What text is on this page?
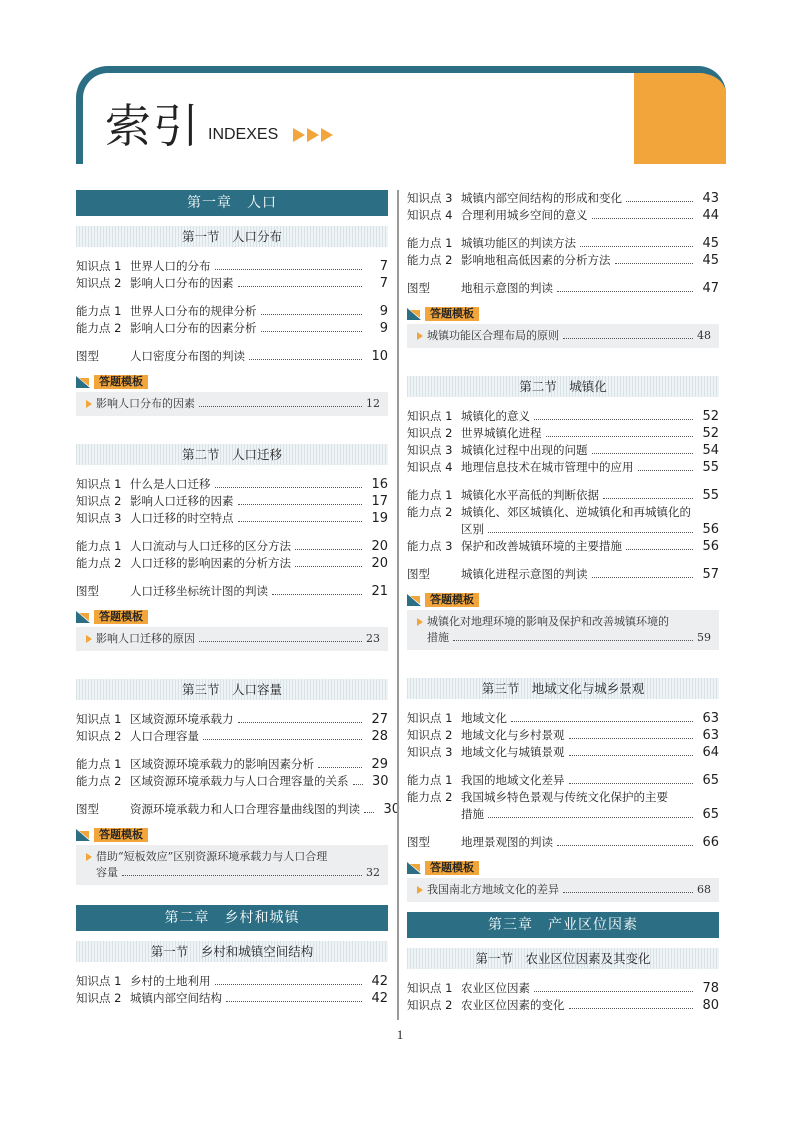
索引 INDEXES
第一章　人口
第一节　人口分布
知识点 1 世界人口的分布	7
知识点 2 影响人口分布的因素	7
能力点 1 世界人口分布的规律分析	9
能力点 2 影响人口分布的因素分析	9
图型	人口密度分布图的判读	10
答题模板
影响人口分布的因素	12
第二节　人口迁移
知识点 1 什么是人口迁移	16
知识点 2 影响人口迁移的因素	17
知识点 3 人口迁移的时空特点	19
能力点 1 人口流动与人口迁移的区分方法	20
能力点 2 人口迁移的影响因素的分析方法	20
图型	人口迁移坐标统计图的判读	21
答题模板
影响人口迁移的原因	23
第三节　人口容量
知识点 1 区域资源环境承载力	27
知识点 2 人口合理容量	28
能力点 1 区域资源环境承载力的影响因素分析	29
能力点 2 区域资源环境承载力与人口合理容量的关系	30
图型	资源环境承载力和人口合理容量曲线图的判读	30
答题模板
借助“短板效应”区别资源环境承载力与人口合理
容量	32
第二章　乡村和城镇
第一节　乡村和城镇空间结构
知识点 1 乡村的土地利用	42
知识点 2 城镇内部空间结构	42
知识点 3 城镇内部空间结构的形成和变化	43
知识点 4 合理利用城乡空间的意义	44
能力点 1 城镇功能区的判读方法	45
能力点 2 影响地租高低因素的分析方法	45
图型	地租示意图的判读	47
答题模板
城镇功能区合理布局的原则	48
第二节　城镇化
知识点 1 城镇化的意义	52
知识点 2 世界城镇化进程	52
知识点 3 城镇化过程中出现的问题	54
知识点 4 地理信息技术在城市管理中的应用	55
能力点 1 城镇化水平高低的判断依据	55
能力点 2 城镇化、郊区城镇化、逆城镇化和再城镇化的
区别	56
能力点 3 保护和改善城镇环境的主要措施	56
图型	城镇化进程示意图的判读	57
答题模板
城镇化对地理环境的影响及保护和改善城镇环境的
措施	59
第三节　地域文化与城乡景观
知识点 1 地域文化	63
知识点 2 地域文化与乡村景观	63
知识点 3 地域文化与城镇景观	64
能力点 1 我国的地域文化差异	65
能力点 2 我国城乡特色景观与传统文化保护的主要
措施	65
图型	地理景观图的判读	66
答题模板
我国南北方地域文化的差异	68
第三章　产业区位因素
第一节　农业区位因素及其变化
知识点 1 农业区位因素	78
知识点 2 农业区位因素的变化	80
1
